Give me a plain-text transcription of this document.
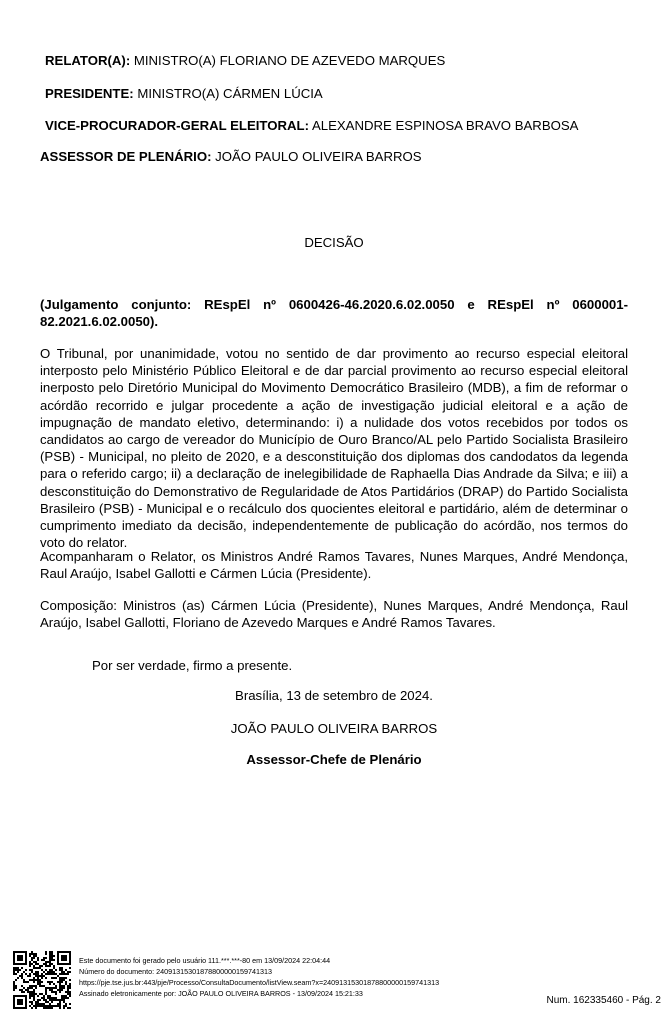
RELATOR(A): MINISTRO(A) FLORIANO DE AZEVEDO MARQUES
PRESIDENTE: MINISTRO(A) CÁRMEN LÚCIA
VICE-PROCURADOR-GERAL ELEITORAL: ALEXANDRE ESPINOSA BRAVO BARBOSA
ASSESSOR DE PLENÁRIO: JOÃO PAULO OLIVEIRA BARROS
DECISÃO
(Julgamento conjunto: REspEl nº 0600426-46.2020.6.02.0050 e REspEl nº 0600001-82.2021.6.02.0050).
O Tribunal, por unanimidade, votou no sentido de dar provimento ao recurso especial eleitoral interposto pelo Ministério Público Eleitoral e de dar parcial provimento ao recurso especial eleitoral inerposto pelo Diretório Municipal do Movimento Democrático Brasileiro (MDB), a fim de reformar o acórdão recorrido e julgar procedente a ação de investigação judicial eleitoral e a ação de impugnação de mandato eletivo, determinando: i) a nulidade dos votos recebidos por todos os candidatos ao cargo de vereador do Município de Ouro Branco/AL pelo Partido Socialista Brasileiro (PSB) - Municipal, no pleito de 2020, e a desconstituição dos diplomas dos candodatos da legenda para o referido cargo; ii) a declaração de inelegibilidade de Raphaella Dias Andrade da Silva; e iii) a desconstituição do Demonstrativo de Regularidade de Atos Partidários (DRAP) do Partido Socialista Brasileiro (PSB) - Municipal e o recálculo dos quocientes eleitoral e partidário, além de determinar o cumprimento imediato da decisão, independentemente de publicação do acórdão, nos termos do voto do relator.
Acompanharam o Relator, os Ministros André Ramos Tavares, Nunes Marques, André Mendonça, Raul Araújo, Isabel Gallotti e Cármen Lúcia (Presidente).
Composição: Ministros (as) Cármen Lúcia (Presidente), Nunes Marques, André Mendonça, Raul Araújo, Isabel Gallotti, Floriano de Azevedo Marques e André Ramos Tavares.
Por ser verdade, firmo a presente.
Brasília, 13 de setembro de 2024.
JOÃO PAULO OLIVEIRA BARROS
Assessor-Chefe de Plenário
Este documento foi gerado pelo usuário 111.***.***-80 em 13/09/2024 22:04:44
Número do documento: 24091315301878800000159741313
https://pje.tse.jus.br:443/pje/Processo/ConsultaDocumento/listView.seam?x=24091315301878800000159741313
Assinado eletronicamente por: JOÃO PAULO OLIVEIRA BARROS - 13/09/2024 15:21:33
Num. 162335460 - Pág. 2
